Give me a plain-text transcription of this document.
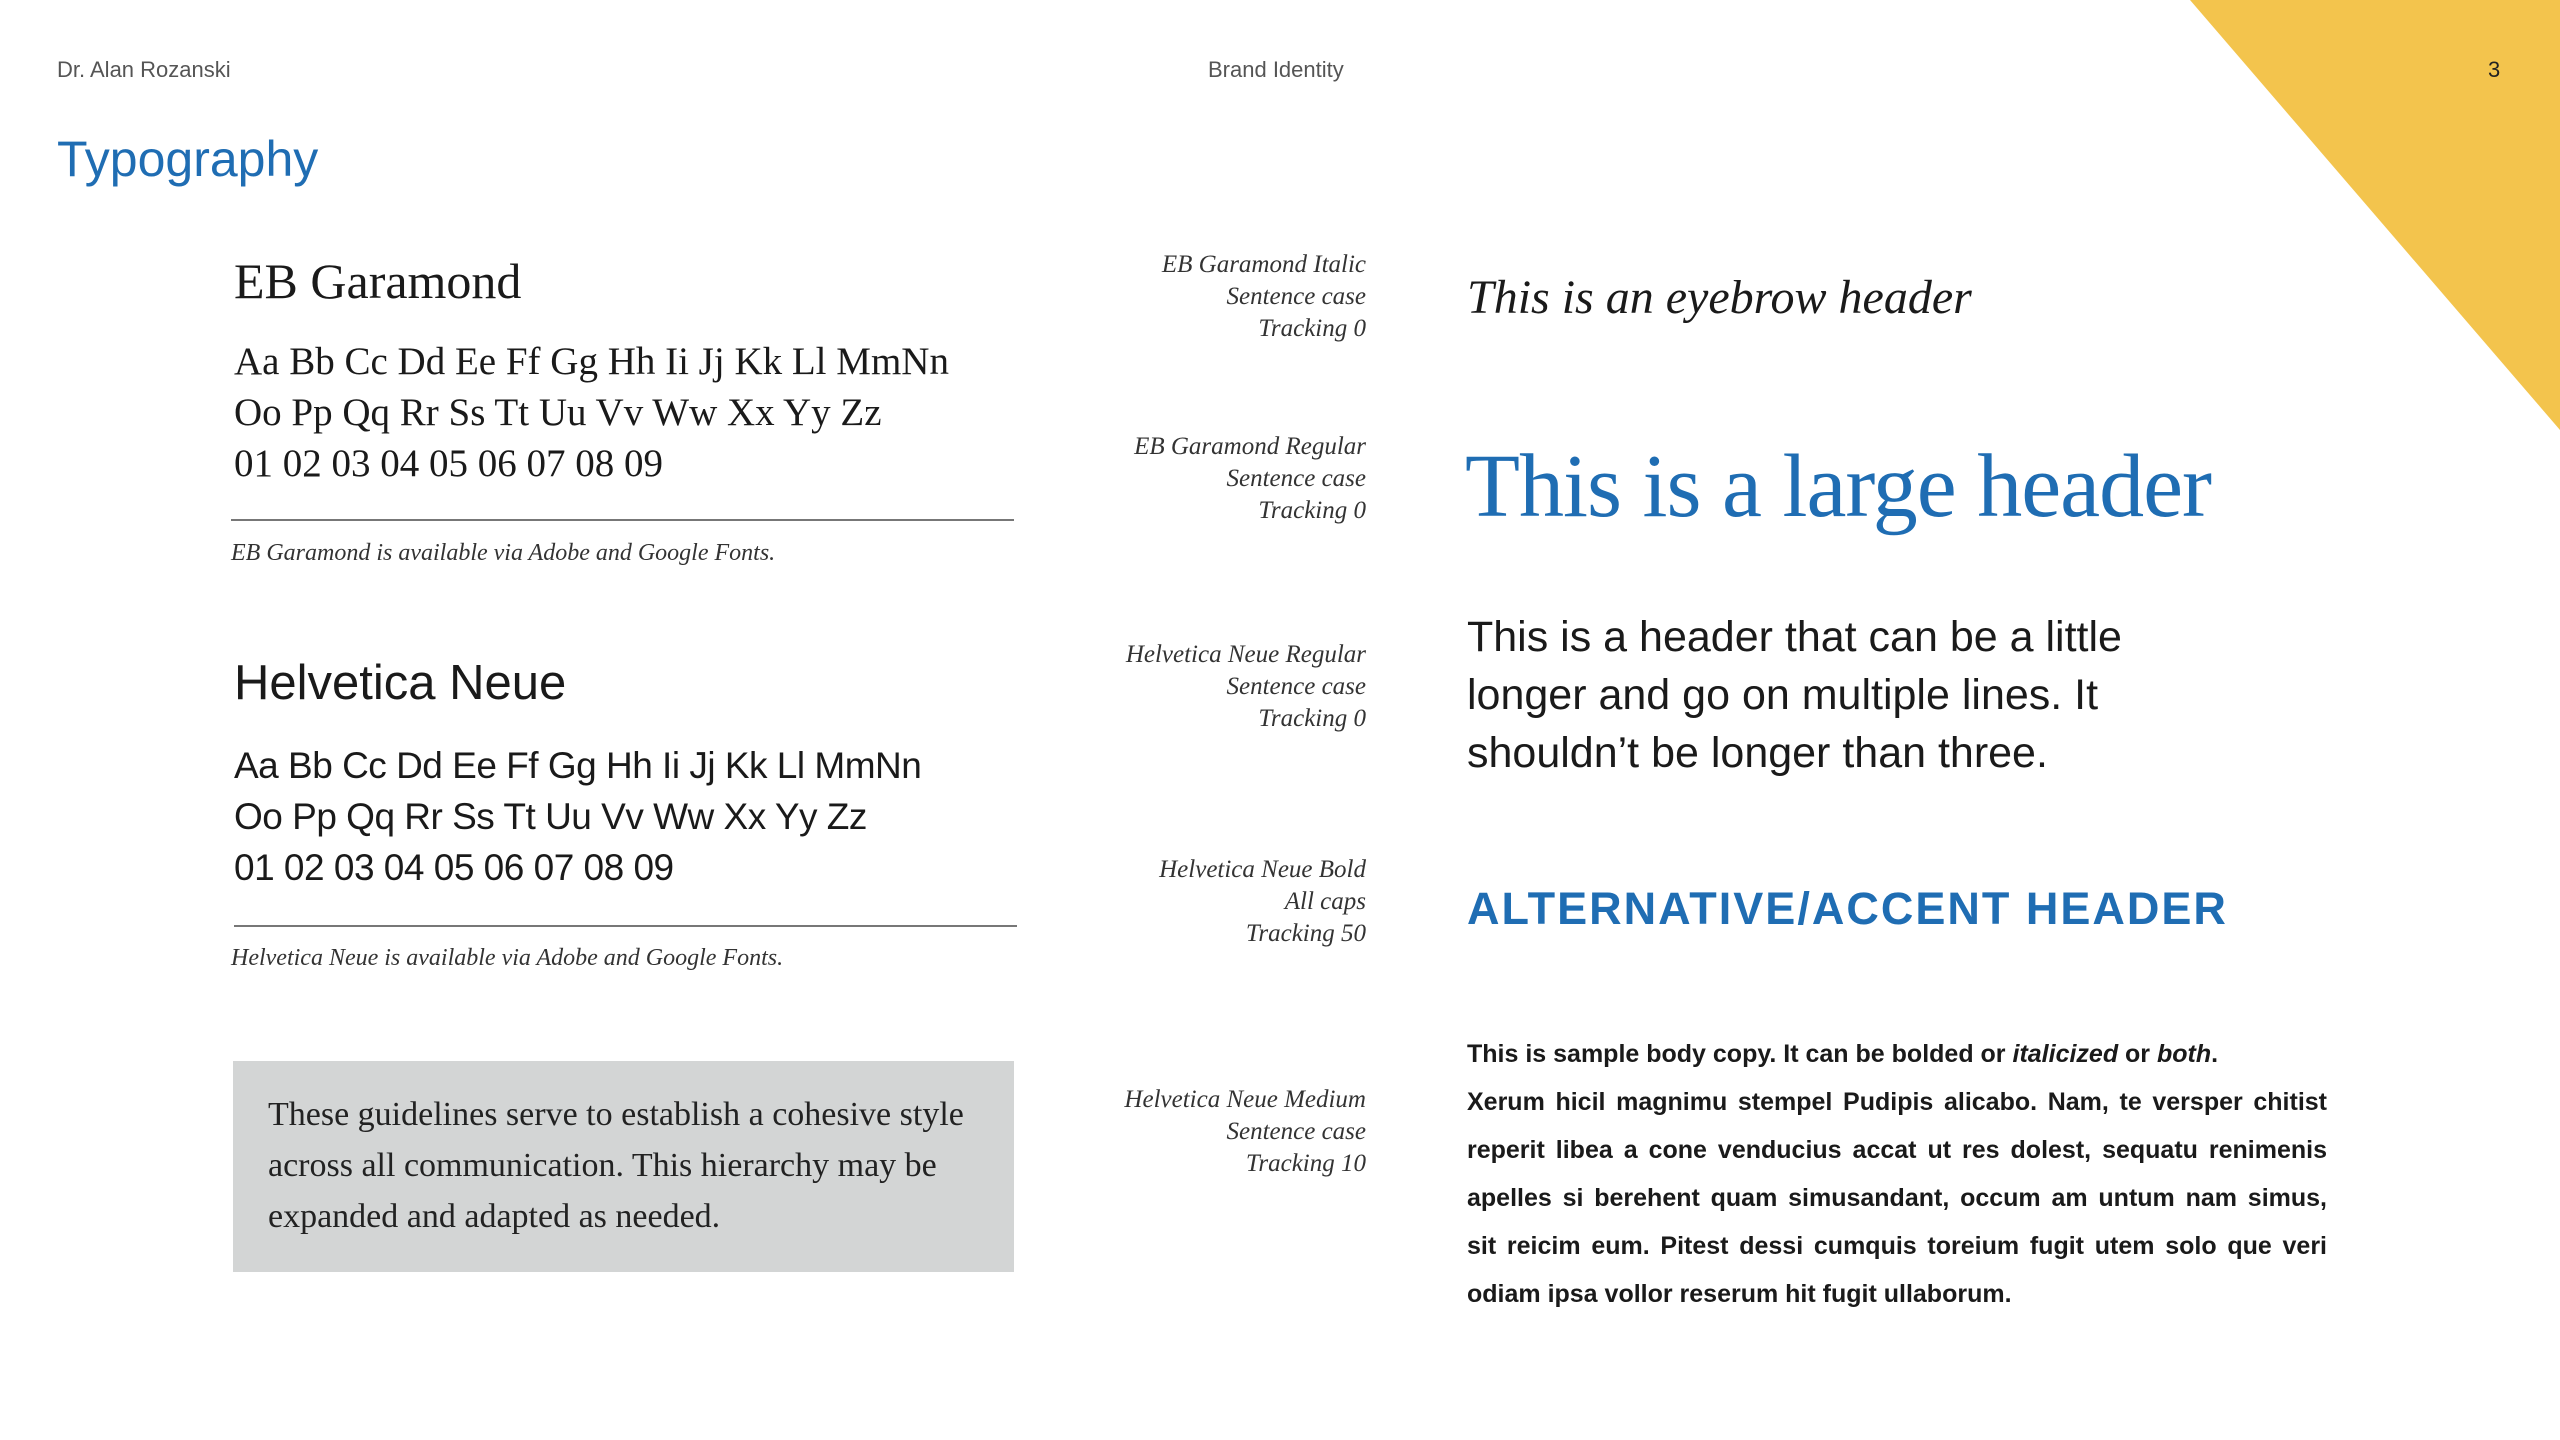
Dr. Alan Rozanski	Brand Identity	3
Typography
EB Garamond
Aa Bb Cc Dd Ee Ff Gg Hh Ii Jj Kk Ll MmNn
Oo Pp Qq Rr Ss Tt Uu Vv Ww Xx Yy Zz
01 02 03 04 05 06 07 08 09
EB Garamond is available via Adobe and Google Fonts.
Helvetica Neue
Aa Bb Cc Dd Ee Ff Gg Hh Ii Jj Kk Ll MmNn
Oo Pp Qq Rr Ss Tt Uu Vv Ww Xx Yy Zz
01 02 03 04 05 06 07 08 09
Helvetica Neue is available via Adobe and Google Fonts.

These guidelines serve to establish a cohesive style across all communication. This hierarchy may be expanded and adapted as needed.

EB Garamond Italic
Sentence case
Tracking 0
EB Garamond Regular
Sentence case
Tracking 0
Helvetica Neue Regular
Sentence case
Tracking 0
Helvetica Neue Bold
All caps
Tracking 50
Helvetica Neue Medium
Sentence case
Tracking 10
This is an eyebrow header
This is a large header
This is a header that can be a little longer and go on multiple lines. It shouldn’t be longer than three.
ALTERNATIVE/ACCENT HEADER

This is sample body copy. It can be bolded or italicized or both.

Xerum hicil magnimu stempel Pudipis alicabo. Nam, te versper chitist reperit libea a cone venducius accat ut res dolest, sequatu renimenis apelles si berehent quam simusandant, occum am untum nam simus, sit reicim eum. Pitest dessi cumquis toreium fugit utem solo que veri odiam ipsa vollor reserum hit fugit ullaborum.
